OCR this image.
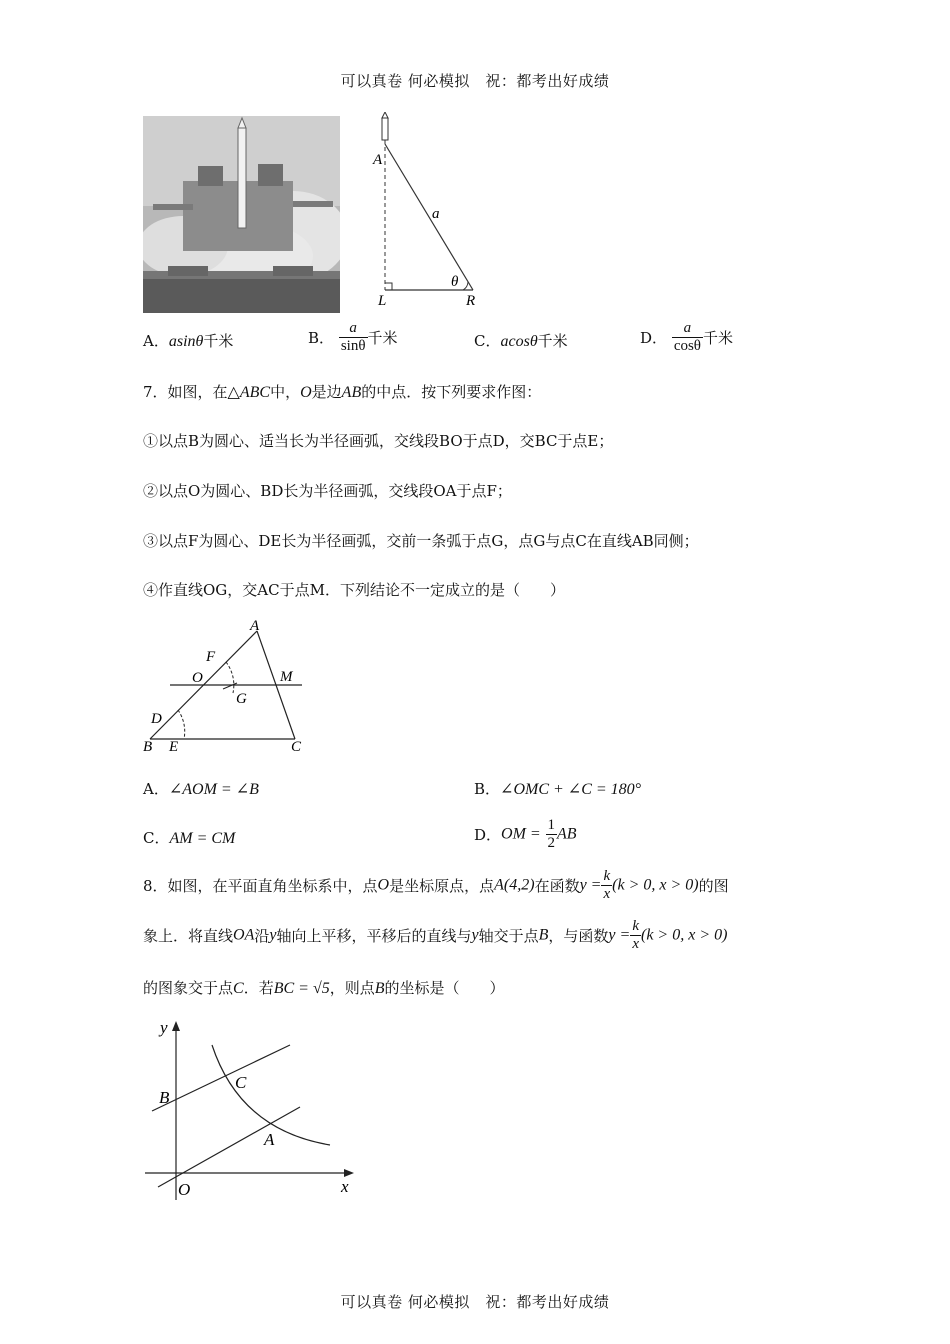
可以真卷 何必模拟　祝：都考出好成绩
A
a
θ
L	R
A．asinθ千米	B． $\frac{a}{\sin\theta}$ 千米	C．acosθ千米	D． $\frac{a}{\cos\theta}$ 千米
7．如图，在△ABC中，O是边AB的中点．按下列要求作图：
①以点B为圆心、适当长为半径画弧，交线段BO于点D，交BC于点E；
②以点O为圆心、BD长为半径画弧，交线段OA于点F；
③以点F为圆心、DE长为半径画弧，交前一条弧于点G，点G与点C在直线AB同侧；
④作直线OG，交AC于点M．下列结论不一定成立的是（　　）
A
F
O	M
G
D
B E	C
A．∠AOM = ∠B	B．∠OMC + ∠C = 180°
C．AM = CM	D．OM = $\frac{1}{2}$ AB
8．如图，在平面直角坐标系中，点O是坐标原点，点A(4,2)在函数$y = \frac{k}{x} (k > 0$, x > 0)的图
象上．将直线OA沿y轴向上平移，平移后的直线与y轴交于点B，与函数$y = \frac{k}{x} (k > 0$, x > 0)
的图象交于点C．若BC = √5，则点B的坐标是（　　）
y
x
O
A
B
C
可以真卷 何必模拟　祝：都考出好成绩
